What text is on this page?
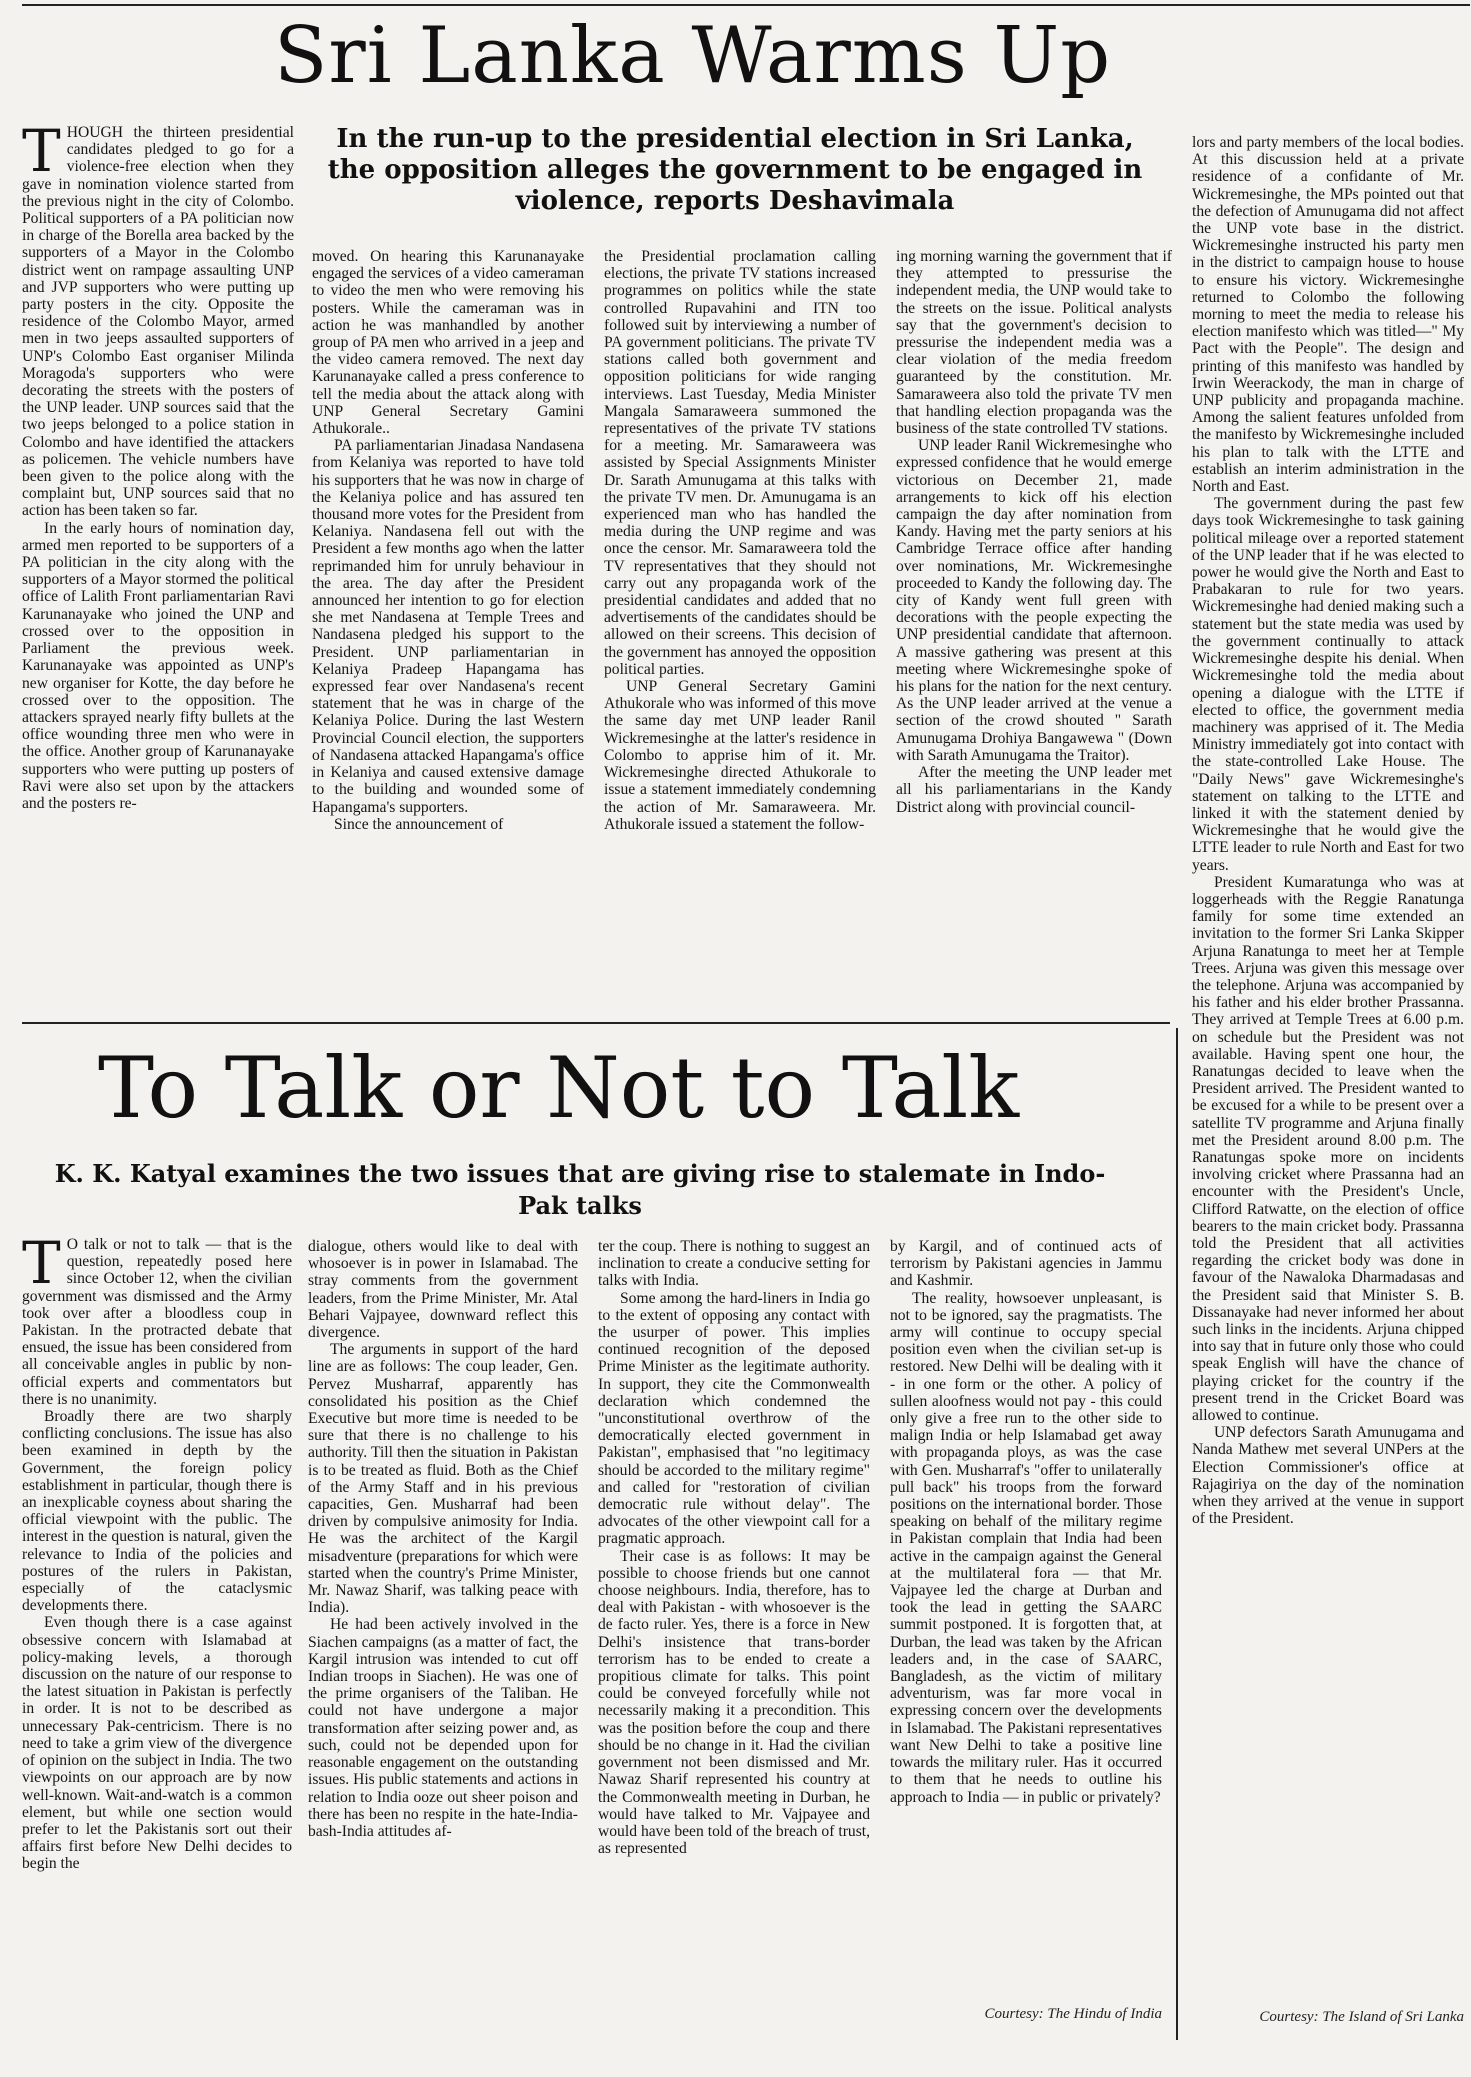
Sri Lanka Warms Up
In the run-up to the presidential election in Sri Lanka, the opposition alleges the government to be engaged in violence, reports Deshavimala
T HOUGH the thirteen presidential candidates pledged to go for a violence-free election when they gave in nomination violence started from the previous night in the city of Colombo. Political supporters of a PA politician now in charge of the Borella area backed by the supporters of a Mayor in the Colombo district went on rampage assaulting UNP and JVP supporters who were putting up party posters in the city. Opposite the residence of the Colombo Mayor, armed men in two jeeps assaulted supporters of UNP's Colombo East organiser Milinda Moragoda's supporters who were decorating the streets with the posters of the UNP leader. UNP sources said that the two jeeps belonged to a police station in Colombo and have identified the attackers as policemen. The vehicle numbers have been given to the police along with the complaint but, UNP sources said that no action has been taken so far.

In the early hours of nomination day, armed men reported to be supporters of a PA politician in the city along with the supporters of a Mayor stormed the political office of Lalith Front parliamentarian Ravi Karunanayake who joined the UNP and crossed over to the opposition in Parliament the previous week. Karunanayake was appointed as UNP's new organiser for Kotte, the day before he crossed over to the opposition. The attackers sprayed nearly fifty bullets at the office wounding three men who were in the office. Another group of Karunanayake supporters who were putting up posters of Ravi were also set upon by the attackers and the posters re-

moved. On hearing this Karunanayake engaged the services of a video cameraman to video the men who were removing his posters. While the cameraman was in action he was manhandled by another group of PA men who arrived in a jeep and the video camera removed. The next day Karunanayake called a press conference to tell the media about the attack along with UNP General Secretary Gamini Athukorale..

PA parliamentarian Jinadasa Nandasena from Kelaniya was reported to have told his supporters that he was now in charge of the Kelaniya police and has assured ten thousand more votes for the President from Kelaniya. Nandasena fell out with the President a few months ago when the latter reprimanded him for unruly behaviour in the area. The day after the President announced her intention to go for election she met Nandasena at Temple Trees and Nandasena pledged his support to the President. UNP parliamentarian in Kelaniya Pradeep Hapangama has expressed fear over Nandasena's recent statement that he was in charge of the Kelaniya Police. During the last Western Provincial Council election, the supporters of Nandasena attacked Hapangama's office in Kelaniya and caused extensive damage to the building and wounded some of Hapangama's supporters.

Since the announcement of

the Presidential proclamation calling elections, the private TV stations increased programmes on politics while the state controlled Rupavahini and ITN too followed suit by interviewing a number of PA government politicians. The private TV stations called both government and opposition politicians for wide ranging interviews. Last Tuesday, Media Minister Mangala Samaraweera summoned the representatives of the private TV stations for a meeting. Mr. Samaraweera was assisted by Special Assignments Minister Dr. Sarath Amunugama at this talks with the private TV men. Dr. Amunugama is an experienced man who has handled the media during the UNP regime and was once the censor. Mr. Samaraweera told the TV representatives that they should not carry out any propaganda work of the presidential candidates and added that no advertisements of the candidates should be allowed on their screens. This decision of the government has annoyed the opposition political parties.

UNP General Secretary Gamini Athukorale who was informed of this move the same day met UNP leader Ranil Wickremesinghe at the latter's residence in Colombo to apprise him of it. Mr. Wickremesinghe directed Athukorale to issue a statement immediately condemning the action of Mr. Samaraweera. Mr. Athukorale issued a statement the follow-

ing morning warning the government that if they attempted to pressurise the independent media, the UNP would take to the streets on the issue. Political analysts say that the government's decision to pressurise the independent media was a clear violation of the media freedom guaranteed by the constitution. Mr. Samaraweera also told the private TV men that handling election propaganda was the business of the state controlled TV stations.

UNP leader Ranil Wickremesinghe who expressed confidence that he would emerge victorious on December 21, made arrangements to kick off his election campaign the day after nomination from Kandy. Having met the party seniors at his Cambridge Terrace office after handing over nominations, Mr. Wickremesinghe proceeded to Kandy the following day. The city of Kandy went full green with decorations with the people expecting the UNP presidential candidate that afternoon. A massive gathering was present at this meeting where Wickremesinghe spoke of his plans for the nation for the next century. As the UNP leader arrived at the venue a section of the crowd shouted " Sarath Amunugama Drohiya Bangawewa " (Down with Sarath Amunugama the Traitor).

After the meeting the UNP leader met all his parliamentarians in the Kandy District along with provincial council-

lors and party members of the local bodies. At this discussion held at a private residence of a confidante of Mr. Wickremesinghe, the MPs pointed out that the defection of Amunugama did not affect the UNP vote base in the district. Wickremesinghe instructed his party men in the district to campaign house to house to ensure his victory. Wickremesinghe returned to Colombo the following morning to meet the media to release his election manifesto which was titled—" My Pact with the People". The design and printing of this manifesto was handled by Irwin Weerackody, the man in charge of UNP publicity and propaganda machine. Among the salient features unfolded from the manifesto by Wickremesinghe included his plan to talk with the LTTE and establish an interim administration in the North and East.

The government during the past few days took Wickremesinghe to task gaining political mileage over a reported statement of the UNP leader that if he was elected to power he would give the North and East to Prabakaran to rule for two years. Wickremesinghe had denied making such a statement but the state media was used by the government continually to attack Wickremesinghe despite his denial. When Wickremesinghe told the media about opening a dialogue with the LTTE if elected to office, the government media machinery was apprised of it. The Media Ministry immediately got into contact with the state-controlled Lake House. The "Daily News" gave Wickremesinghe's statement on talking to the LTTE and linked it with the statement denied by Wickremesinghe that he would give the LTTE leader to rule North and East for two years.

President Kumaratunga who was at loggerheads with the Reggie Ranatunga family for some time extended an invitation to the former Sri Lanka Skipper Arjuna Ranatunga to meet her at Temple Trees. Arjuna was given this message over the telephone. Arjuna was accompanied by his father and his elder brother Prassanna. They arrived at Temple Trees at 6.00 p.m. on schedule but the President was not available. Having spent one hour, the Ranatungas decided to leave when the President arrived. The President wanted to be excused for a while to be present over a satellite TV programme and Arjuna finally met the President around 8.00 p.m. The Ranatungas spoke more on incidents involving cricket where Prassanna had an encounter with the President's Uncle, Clifford Ratwatte, on the election of office bearers to the main cricket body. Prassanna told the President that all activities regarding the cricket body was done in favour of the Nawaloka Dharmadasas and the President said that Minister S. B. Dissanayake had never informed her about such links in the incidents. Arjuna chipped into say that in future only those who could speak English will have the chance of playing cricket for the country if the present trend in the Cricket Board was allowed to continue.

UNP defectors Sarath Amunugama and Nanda Mathew met several UNPers at the Election Commissioner's office at Rajagiriya on the day of the nomination when they arrived at the venue in support of the President.

Courtesy: The Island of Sri Lanka
To Talk or Not to Talk
K. K. Katyal examines the two issues that are giving rise to stalemate in Indo-Pak talks
T O talk or not to talk — that is the question, repeatedly posed here since October 12, when the civilian government was dismissed and the Army took over after a bloodless coup in Pakistan. In the protracted debate that ensued, the issue has been considered from all conceivable angles in public by non-official experts and commentators but there is no unanimity.

Broadly there are two sharply conflicting conclusions. The issue has also been examined in depth by the Government, the foreign policy establishment in particular, though there is an inexplicable coyness about sharing the official viewpoint with the public. The interest in the question is natural, given the relevance to India of the policies and postures of the rulers in Pakistan, especially of the cataclysmic developments there.

Even though there is a case against obsessive concern with Islamabad at policy-making levels, a thorough discussion on the nature of our response to the latest situation in Pakistan is perfectly in order. It is not to be described as unnecessary Pak-centricism. There is no need to take a grim view of the divergence of opinion on the subject in India. The two viewpoints on our approach are by now well-known. Wait-and-watch is a common element, but while one section would prefer to let the Pakistanis sort out their affairs first before New Delhi decides to begin the

dialogue, others would like to deal with whosoever is in power in Islamabad. The stray comments from the government leaders, from the Prime Minister, Mr. Atal Behari Vajpayee, downward reflect this divergence.

The arguments in support of the hard line are as follows: The coup leader, Gen. Pervez Musharraf, apparently has consolidated his position as the Chief Executive but more time is needed to be sure that there is no challenge to his authority. Till then the situation in Pakistan is to be treated as fluid. Both as the Chief of the Army Staff and in his previous capacities, Gen. Musharraf had been driven by compulsive animosity for India. He was the architect of the Kargil misadventure (preparations for which were started when the country's Prime Minister, Mr. Nawaz Sharif, was talking peace with India).

He had been actively involved in the Siachen campaigns (as a matter of fact, the Kargil intrusion was intended to cut off Indian troops in Siachen). He was one of the prime organisers of the Taliban. He could not have undergone a major transformation after seizing power and, as such, could not be depended upon for reasonable engagement on the outstanding issues. His public statements and actions in relation to India ooze out sheer poison and there has been no respite in the hate-India-bash-India attitudes af-

ter the coup. There is nothing to suggest an inclination to create a conducive setting for talks with India.

Some among the hard-liners in India go to the extent of opposing any contact with the usurper of power. This implies continued recognition of the deposed Prime Minister as the legitimate authority. In support, they cite the Commonwealth declaration which condemned the "unconstitutional overthrow of the democratically elected government in Pakistan", emphasised that "no legitimacy should be accorded to the military regime" and called for "restoration of civilian democratic rule without delay". The advocates of the other viewpoint call for a pragmatic approach.

Their case is as follows: It may be possible to choose friends but one cannot choose neighbours. India, therefore, has to deal with Pakistan - with whosoever is the de facto ruler. Yes, there is a force in New Delhi's insistence that trans-border terrorism has to be ended to create a propitious climate for talks. This point could be conveyed forcefully while not necessarily making it a precondition. This was the position before the coup and there should be no change in it. Had the civilian government not been dismissed and Mr. Nawaz Sharif represented his country at the Commonwealth meeting in Durban, he would have talked to Mr. Vajpayee and would have been told of the breach of trust, as represented

by Kargil, and of continued acts of terrorism by Pakistani agencies in Jammu and Kashmir.

The reality, howsoever unpleasant, is not to be ignored, say the pragmatists. The army will continue to occupy special position even when the civilian set-up is restored. New Delhi will be dealing with it - in one form or the other. A policy of sullen aloofness would not pay - this could only give a free run to the other side to malign India or help Islamabad get away with propaganda ploys, as was the case with Gen. Musharraf's "offer to unilaterally pull back" his troops from the forward positions on the international border. Those speaking on behalf of the military regime in Pakistan complain that India had been active in the campaign against the General at the multilateral fora — that Mr. Vajpayee led the charge at Durban and took the lead in getting the SAARC summit postponed. It is forgotten that, at Durban, the lead was taken by the African leaders and, in the case of SAARC, Bangladesh, as the victim of military adventurism, was far more vocal in expressing concern over the developments in Islamabad. The Pakistani representatives want New Delhi to take a positive line towards the military ruler. Has it occurred to them that he needs to outline his approach to India — in public or privately?

Courtesy: The Hindu of India
